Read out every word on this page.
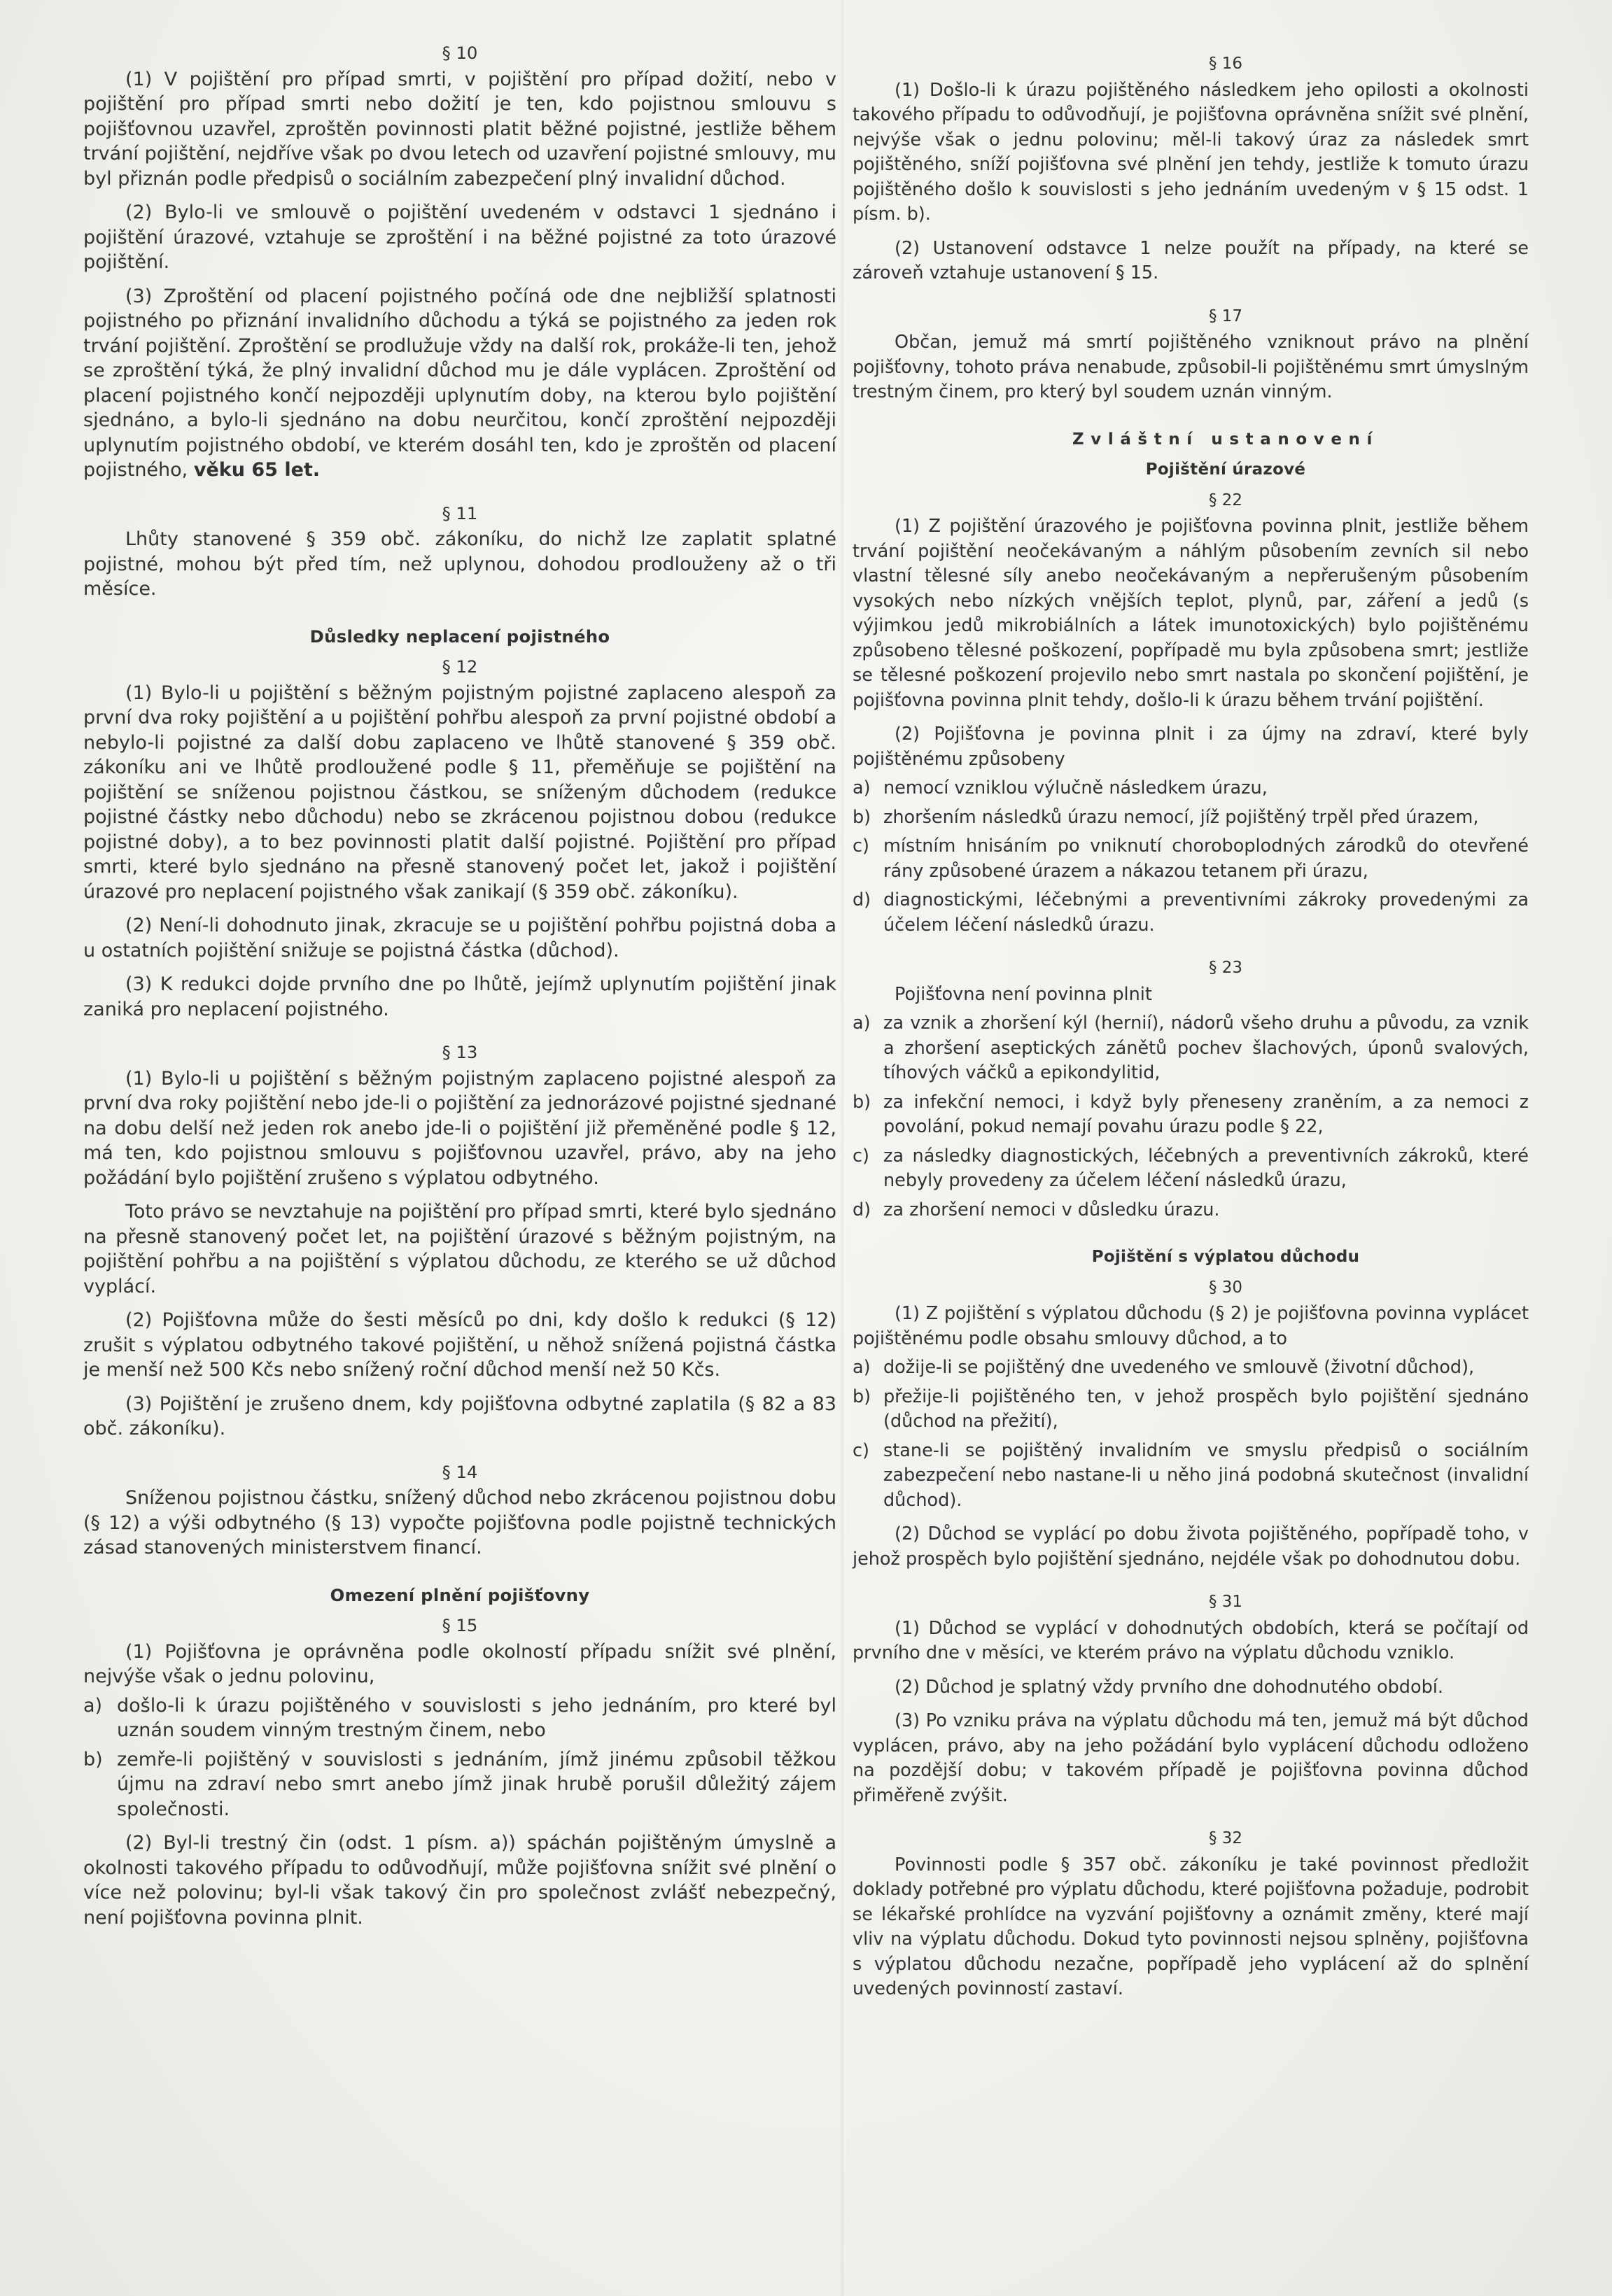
§ 10

(1) V pojištění pro případ smrti, v pojištění pro případ dožití, nebo v pojištění pro případ smrti nebo dožití je ten, kdo pojistnou smlouvu s pojišťovnou uzavřel, zproštěn povinnosti platit běžné pojistné, jestliže během trvání pojištění, nejdříve však po dvou letech od uzavření pojistné smlouvy, mu byl přiznán podle předpisů o sociálním zabezpečení plný invalidní důchod.

(2) Bylo-li ve smlouvě o pojištění uvedeném v odstavci 1 sjednáno i pojištění úrazové, vztahuje se zproštění i na běžné pojistné za toto úrazové pojištění.

(3) Zproštění od placení pojistného počíná ode dne nejbližší splatnosti pojistného po přiznání invalidního důchodu a týká se pojistného za jeden rok trvání pojištění. Zproštění se prodlužuje vždy na další rok, prokáže-li ten, jehož se zproštění týká, že plný invalidní důchod mu je dále vyplácen. Zproštění od placení pojistného končí nejpozději uplynutím doby, na kterou bylo pojištění sjednáno, a bylo-li sjednáno na dobu neurčitou, končí zproštění nejpozději uplynutím pojistného období, ve kterém dosáhl ten, kdo je zproštěn od placení pojistného, věku 65 let.

§ 11

Lhůty stanovené § 359 obč. zákoníku, do nichž lze zaplatit splatné pojistné, mohou být před tím, než uplynou, dohodou prodlouženy až o tři měsíce.

Důsledky neplacení pojistného
§ 12

(1) Bylo-li u pojištění s běžným pojistným pojistné zaplaceno alespoň za první dva roky pojištění a u pojištění pohřbu alespoň za první pojistné období a nebylo-li pojistné za další dobu zaplaceno ve lhůtě stanovené § 359 obč. zákoníku ani ve lhůtě prodloužené podle § 11, přeměňuje se pojištění na pojištění se sníženou pojistnou částkou, se sníženým důchodem (redukce pojistné částky nebo důchodu) nebo se zkrácenou pojistnou dobou (redukce pojistné doby), a to bez povinnosti platit další pojistné. Pojištění pro případ smrti, které bylo sjednáno na přesně stanovený počet let, jakož i pojištění úrazové pro neplacení pojistného však zanikají (§ 359 obč. zákoníku).

(2) Není-li dohodnuto jinak, zkracuje se u pojištění pohřbu pojistná doba a u ostatních pojištění snižuje se pojistná částka (důchod).

(3) K redukci dojde prvního dne po lhůtě, jejímž uplynutím pojištění jinak zaniká pro neplacení pojistného.

§ 13

(1) Bylo-li u pojištění s běžným pojistným zaplaceno pojistné alespoň za první dva roky pojištění nebo jde-li o pojištění za jednorázové pojistné sjednané na dobu delší než jeden rok anebo jde-li o pojištění již přeměněné podle § 12, má ten, kdo pojistnou smlouvu s pojišťovnou uzavřel, právo, aby na jeho požádání bylo pojištění zrušeno s výplatou odbytného.

Toto právo se nevztahuje na pojištění pro případ smrti, které bylo sjednáno na přesně stanovený počet let, na pojištění úrazové s běžným pojistným, na pojištění pohřbu a na pojištění s výplatou důchodu, ze kterého se už důchod vyplácí.

(2) Pojišťovna může do šesti měsíců po dni, kdy došlo k redukci (§ 12) zrušit s výplatou odbytného takové pojištění, u něhož snížená pojistná částka je menší než 500 Kčs nebo snížený roční důchod menší než 50 Kčs.

(3) Pojištění je zrušeno dnem, kdy pojišťovna odbytné zaplatila (§ 82 a 83 obč. zákoníku).

§ 14

Sníženou pojistnou částku, snížený důchod nebo zkrácenou pojistnou dobu (§ 12) a výši odbytného (§ 13) vypočte pojišťovna podle pojistně technických zásad stanovených ministerstvem financí.

Omezení plnění pojišťovny
§ 15

(1) Pojišťovna je oprávněna podle okolností případu snížit své plnění, nejvýše však o jednu polovinu,

a) došlo-li k úrazu pojištěného v souvislosti s jeho jednáním, pro které byl uznán soudem vinným trestným činem, nebo
b) zemře-li pojištěný v souvislosti s jednáním, jímž jinému způsobil těžkou újmu na zdraví nebo smrt anebo jímž jinak hrubě porušil důležitý zájem společnosti.

(2) Byl-li trestný čin (odst. 1 písm. a)) spáchán pojištěným úmyslně a okolnosti takového případu to odůvodňují, může pojišťovna snížit své plnění o více než polovinu; byl-li však takový čin pro společnost zvlášť nebezpečný, není pojišťovna povinna plnit.

§ 16

(1) Došlo-li k úrazu pojištěného následkem jeho opilosti a okolnosti takového případu to odůvodňují, je pojišťovna oprávněna snížit své plnění, nejvýše však o jednu polovinu; měl-li takový úraz za následek smrt pojištěného, sníží pojišťovna své plnění jen tehdy, jestliže k tomuto úrazu pojištěného došlo k souvislosti s jeho jednáním uvedeným v § 15 odst. 1 písm. b).

(2) Ustanovení odstavce 1 nelze použít na případy, na které se zároveň vztahuje ustanovení § 15.

§ 17

Občan, jemuž má smrtí pojištěného vzniknout právo na plnění pojišťovny, tohoto práva nenabude, způsobil-li pojištěnému smrt úmyslným trestným činem, pro který byl soudem uznán vinným.

Zvláštní ustanovení
Pojištění úrazové
§ 22

(1) Z pojištění úrazového je pojišťovna povinna plnit, jestliže během trvání pojištění neočekávaným a náhlým působením zevních sil nebo vlastní tělesné síly anebo neočekávaným a nepřerušeným působením vysokých nebo nízkých vnějších teplot, plynů, par, záření a jedů (s výjimkou jedů mikrobiálních a látek imunotoxických) bylo pojištěnému způsobeno tělesné poškození, popřípadě mu byla způsobena smrt; jestliže se tělesné poškození projevilo nebo smrt nastala po skončení pojištění, je pojišťovna povinna plnit tehdy, došlo-li k úrazu během trvání pojištění.

(2) Pojišťovna je povinna plnit i za újmy na zdraví, které byly pojištěnému způsobeny

a) nemocí vzniklou výlučně následkem úrazu,
b) zhoršením následků úrazu nemocí, jíž pojištěný trpěl před úrazem,
c) místním hnisáním po vniknutí choroboplodných zárodků do otevřené rány způsobené úrazem a nákazou tetanem při úrazu,
d) diagnostickými, léčebnými a preventivními zákroky provedenými za účelem léčení následků úrazu.
§ 23

Pojišťovna není povinna plnit

a) za vznik a zhoršení kýl (hernií), nádorů všeho druhu a původu, za vznik a zhoršení aseptických zánětů pochev šlachových, úponů svalových, tíhových váčků a epikondylitid,
b) za infekční nemoci, i když byly přeneseny zraněním, a za nemoci z povolání, pokud nemají povahu úrazu podle § 22,
c) za následky diagnostických, léčebných a preventivních zákroků, které nebyly provedeny za účelem léčení následků úrazu,
d) za zhoršení nemoci v důsledku úrazu.
Pojištění s výplatou důchodu
§ 30

(1) Z pojištění s výplatou důchodu (§ 2) je pojišťovna povinna vyplácet pojištěnému podle obsahu smlouvy důchod, a to

a) dožije-li se pojištěný dne uvedeného ve smlouvě (životní důchod),
b) přežije-li pojištěného ten, v jehož prospěch bylo pojištění sjednáno (důchod na přežití),
c) stane-li se pojištěný invalidním ve smyslu předpisů o sociálním zabezpečení nebo nastane-li u něho jiná podobná skutečnost (invalidní důchod).

(2) Důchod se vyplácí po dobu života pojištěného, popřípadě toho, v jehož prospěch bylo pojištění sjednáno, nejdéle však po dohodnutou dobu.

§ 31

(1) Důchod se vyplácí v dohodnutých obdobích, která se počítají od prvního dne v měsíci, ve kterém právo na výplatu důchodu vzniklo.

(2) Důchod je splatný vždy prvního dne dohodnutého období.

(3) Po vzniku práva na výplatu důchodu má ten, jemuž má být důchod vyplácen, právo, aby na jeho požádání bylo vyplácení důchodu odloženo na pozdější dobu; v takovém případě je pojišťovna povinna důchod přiměřeně zvýšit.

§ 32

Povinnosti podle § 357 obč. zákoníku je také povinnost předložit doklady potřebné pro výplatu důchodu, které pojišťovna požaduje, podrobit se lékařské prohlídce na vyzvání pojišťovny a oznámit změny, které mají vliv na výplatu důchodu. Dokud tyto povinnosti nejsou splněny, pojišťovna s výplatou důchodu nezačne, popřípadě jeho vyplácení až do splnění uvedených povinností zastaví.
